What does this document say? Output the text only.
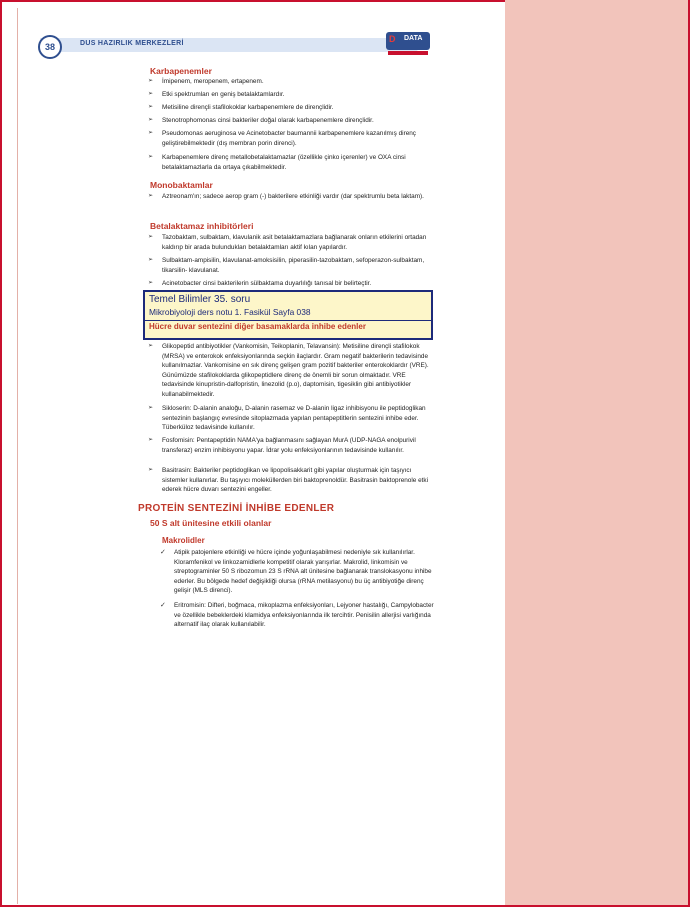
38	DUS HAZIRLIK MERKEZLERİ	D DATA
Karbapenemler
➢ İmipenem, meropenem, ertapenem.
➢ Etki spektrumları en geniş betalaktamlardır.
➢ Metisiline dirençli stafilokoklar karbapenemlere de dirençlidir.
➢ Stenotrophomonas cinsi bakteriler doğal olarak karbapenemlere dirençlidir.
➢ Pseudomonas aeruginosa ve Acinetobacter baumannii karbapenemlere kazanılmış direnç geliştirebilmektedir (dış membran porin direnci).
➢ Karbapenemlere direnç metallobetalaktamazlar (özellikle çinko içerenler) ve OXA cinsi betalaktamazlarla da ortaya çıkabilmektedir.
Monobaktamlar
➢ Aztreonam'ın; sadece aerop gram (-) bakterilere etkinliği vardır (dar spektrumlu beta laktam).
Betalaktamaz inhibitörleri
➢ Tazobaktam, sulbaktam, klavulanik asit betalaktamazlara bağlanarak onların etkilerini ortadan kaldırıp bir arada bulundukları betalaktamları aktif kılan yapılardır.
➢ Sulbaktam-ampisilin, klavulanat-amoksisilin, piperasilin-tazobaktam, sefoperazon-sulbaktam, tikarsilin- klavulanat.
➢ Acinetobacter cinsi bakterilerin sülbaktama duyarlılığı tanısal bir belirteçtir.
Temel Bilimler 35. soru
Mikrobiyoloji ders notu 1. Fasikül Sayfa 038
Hücre duvar sentezini diğer basamaklarda inhibe edenler
➢ Glikopeptid antibiyotikler (Vankomisin, Teikoplanin, Telavansin): Metisiline dirençli stafilokok (MRSA) ve enterokok enfeksiyonlarında seçkin ilaçlardır. Gram negatif bakterilerin tedavisinde kullanılmazlar. Vankomisine en sık direnç gelişen gram pozitif bakteriler enterokoklardır (VRE). Günümüzde stafilokoklarda glikopeptidlere direnç de önemli bir sorun olmaktadır. VRE tedavisinde kinupristin-dalfopristin, linezolid (p.o), daptomisin, tigesiklin gibi antibiyotikler kullanabilmektedir.
➢ Sikloserin: D-alanin analoğu, D-alanin rasemaz ve D-alanin ligaz inhibisyonu ile peptidoglikan sentezinin başlangıç evresinde sitoplazmada yapılan pentapeptitlerin sentezini inhibe eder. Tüberküloz tedavisinde kullanılır.
➢ Fosfomisin: Pentapeptidin NAMA'ya bağlanmasını sağlayan MurA (UDP-NAGA enolpurivil transferaz) enzim inhibisyonu yapar. İdrar yolu enfeksiyonlarının tedavisinde kullanılır.
➢ Basitrasin: Bakteriler peptidoglikan ve lipopolisakkarit gibi yapılar oluşturmak için taşıyıcı sistemler kullanırlar. Bu taşıyıcı moleküllerden biri baktoprenoldür. Basitrasin baktoprenole etki ederek hücre duvarı sentezini engeller.
PROTEİN SENTEZİNİ İNHİBE EDENLER
50 S alt ünitesine etkili olanlar
Makrolidler
✓ Atipik patojenlere etkinliği ve hücre içinde yoğunlaşabilmesi nedeniyle sık kullanılırlar. Kloramfenikol ve linkozamidlerle kompetitif olarak yarışırlar. Makrolid, linkomisin ve streptograminler 50 S ribozomun 23 S rRNA alt ünitesine bağlanarak translokasyonu inhibe ederler. Bu bölgede hedef değişikliği olursa (rRNA metilasyonu) bu üç antibiyotiğe direnç gelişir (MLS direnci).
✓ Eritromisin: Difteri, boğmaca, mikoplazma enfeksiyonları, Lejyoner hastalığı, Campylobacter ve özellikle bebeklerdeki klamidya enfeksiyonlarında ilk tercihtir. Penisilin allerjisi varlığında alternatif ilaç olarak kullanılabilir.
